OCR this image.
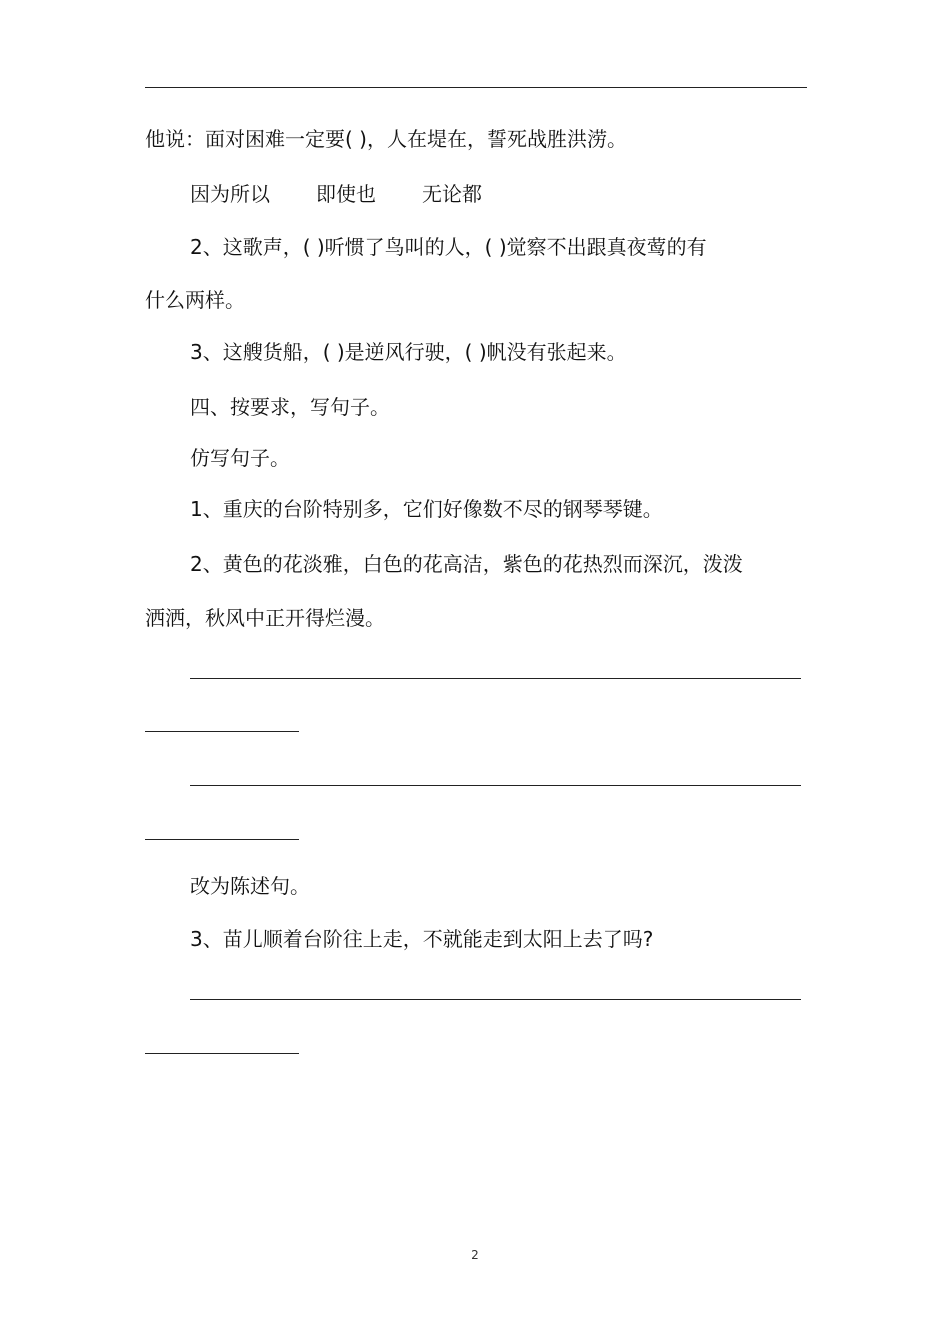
他说：面对困难一定要( )，人在堤在，誓死战胜洪涝。
因为所以 即使也 无论都
2、这歌声，( )听惯了鸟叫的人，( )觉察不出跟真夜莺的有
什么两样。
3、这艘货船，( )是逆风行驶，( )帆没有张起来。
四、按要求，写句子。
仿写句子。
1、重庆的台阶特别多，它们好像数不尽的钢琴琴键。
2、黄色的花淡雅，白色的花高洁，紫色的花热烈而深沉，泼泼
洒洒，秋风中正开得烂漫。
改为陈述句。
3、苗儿顺着台阶往上走，不就能走到太阳上去了吗?
2
